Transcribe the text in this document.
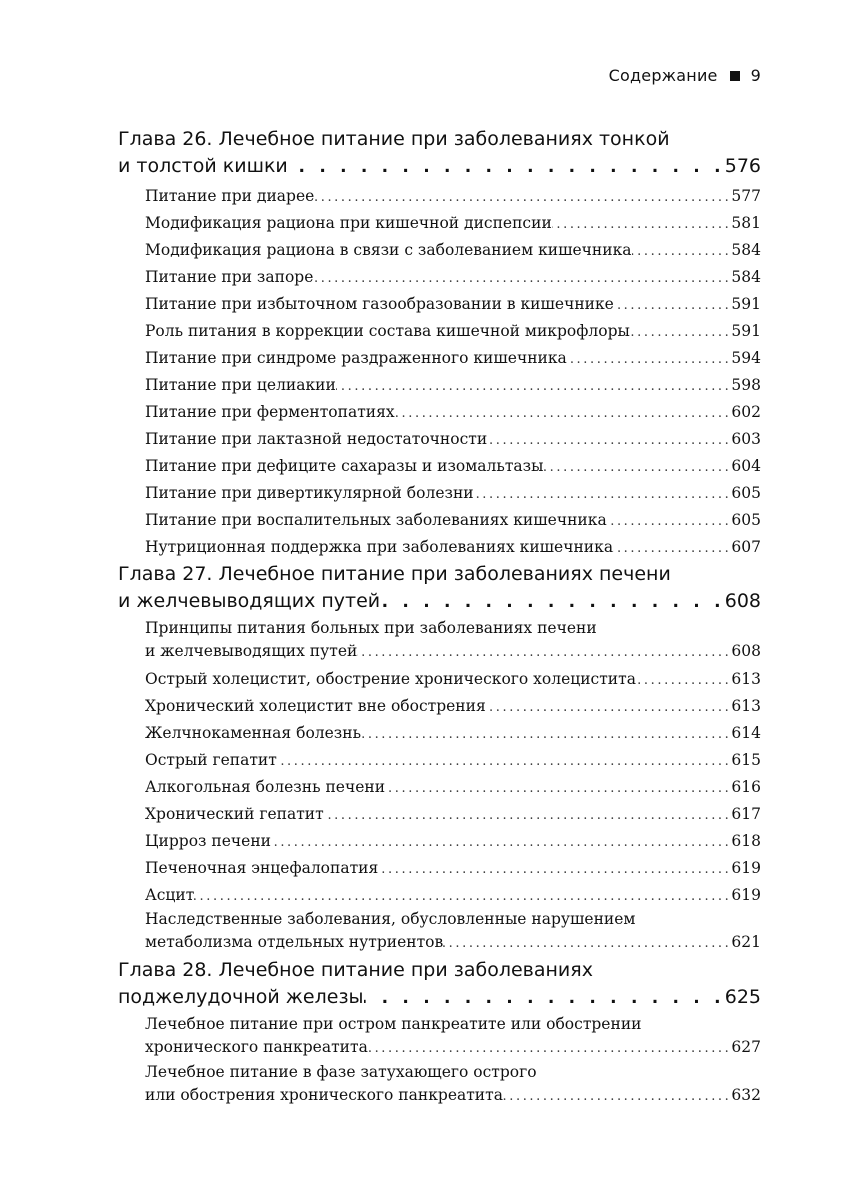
Содержание 9
Глава 26. Лечебное питание при заболеваниях тонкой
и толстой кишки . . .	576
Питание при диарее .....	577
Модификация рациона при кишечной диспепсии .....	581
Модификация рациона в связи с заболеванием кишечника .....	584
Питание при запоре .....	584
Питание при избыточном газообразовании в кишечнике .....	591
Роль питания в коррекции состава кишечной микрофлоры .....	591
Питание при синдроме раздраженного кишечника .....	594
Питание при целиакии .....	598
Питание при ферментопатиях .....	602
Питание при лактазной недостаточности .....	603
Питание при дефиците сахаразы и изомальтазы .....	604
Питание при дивертикулярной болезни .....	605
Питание при воспалительных заболеваниях кишечника .....	605
Нутриционная поддержка при заболеваниях кишечника .....	607
Глава 27. Лечебное питание при заболеваниях печени
и желчевыводящих путей . . .	608
Принципы питания больных при заболеваниях печени
и желчевыводящих путей .....	608
Острый холецистит, обострение хронического холецистита .....	613
Хронический холецистит вне обострения .....	613
Желчнокаменная болезнь .....	614
Острый гепатит .....	615
Алкогольная болезнь печени .....	616
Хронический гепатит .....	617
Цирроз печени .....	618
Печеночная энцефалопатия .....	619
Асцит .....	619
Наследственные заболевания, обусловленные нарушением
метаболизма отдельных нутриентов .....	621
Глава 28. Лечебное питание при заболеваниях
поджелудочной железы . . .	625
Лечебное питание при остром панкреатите или обострении
хронического панкреатита .....	627
Лечебное питание в фазе затухающего острого
или обострения хронического панкреатита .....	632
